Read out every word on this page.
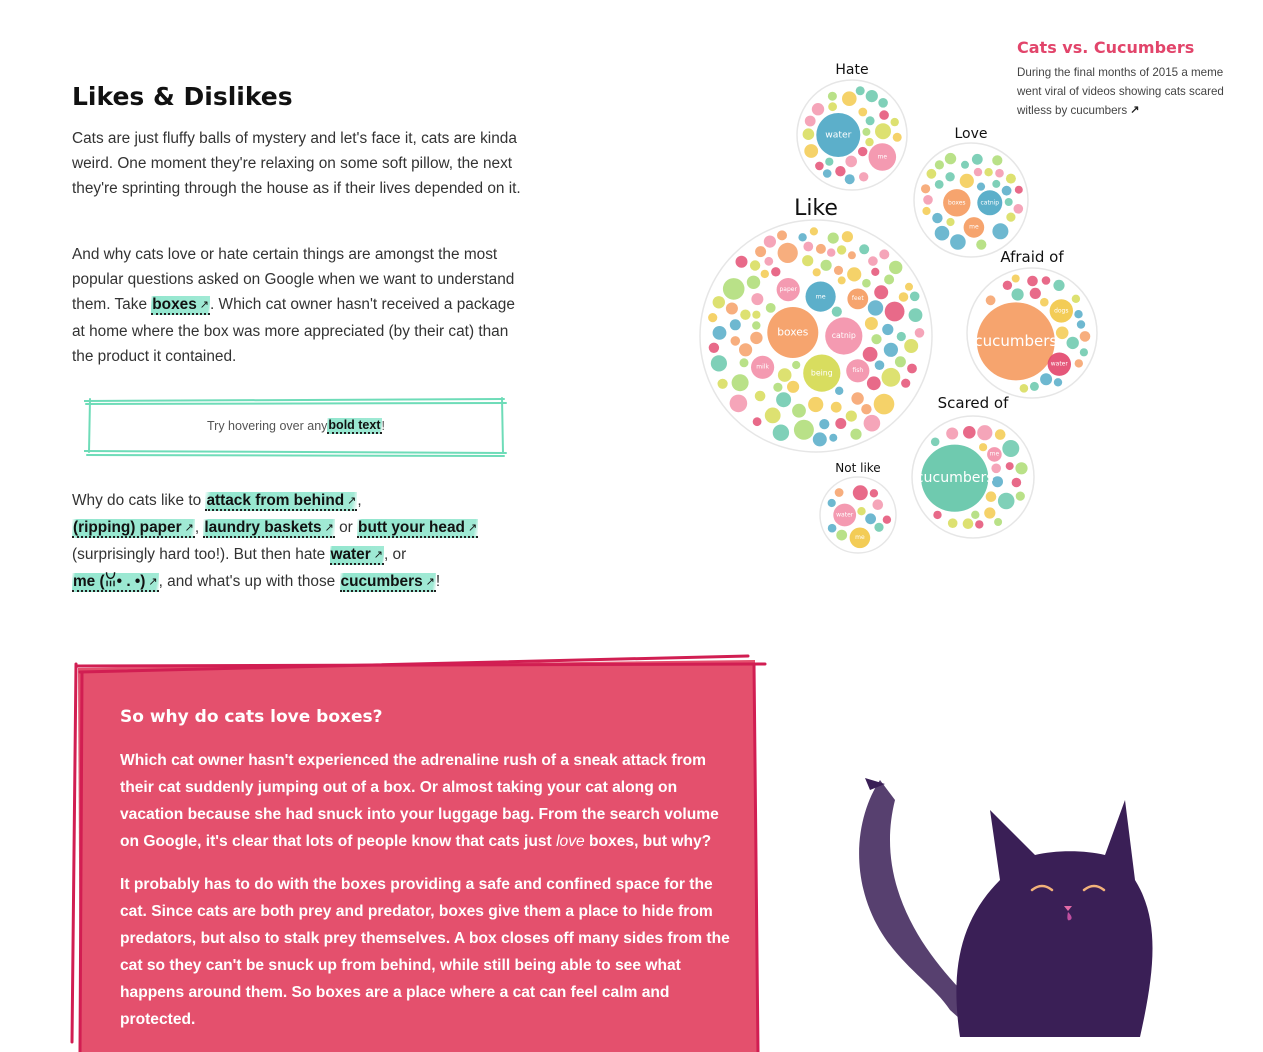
Likes & Dislikes

Cats are just fluffy balls of mystery and let's face it, cats are kinda weird. One moment they're relaxing on some soft pillow, the next they're sprinting through the house as if their lives depended on it.

And why cats love or hate certain things are amongst the most popular questions asked on Google when we want to understand them. Take boxes ↗. Which cat owner hasn't received a package at home where the box was more appreciated (by their cat) than the product it contained.

Try hovering over any bold text !

Why do cats like to attack from behind ↗,
(ripping) paper ↗, laundry baskets ↗ or butt your head ↗
(surprisingly hard too!). But then hate water ↗, or
me (ꈍ• . •) ↗, and what's up with those cucumbers ↗!

boxes	catnip
me
being	fish
milk
paper
feet
Like
water
me
Hate
boxes catnip
me
Love
cucumbers
dogs
water
Afraid of
cucumbers
me
Scared of
water
me
Not like
Cats vs. Cucumbers
During the final months of 2015 a meme went viral of videos showing cats scared witless by cucumbers ↗
So why do cats love boxes?

Which cat owner hasn't experienced the adrenaline rush of a sneak attack from their cat suddenly jumping out of a box. Or almost taking your cat along on vacation because she had snuck into your luggage bag. From the search volume on Google, it's clear that lots of people know that cats just love boxes, but why?

It probably has to do with the boxes providing a safe and confined space for the cat. Since cats are both prey and predator, boxes give them a place to hide from predators, but also to stalk prey themselves. A box closes off many sides from the cat so they can't be snuck up from behind, while still being able to see what happens around them. So boxes are a place where a cat can feel calm and protected.
